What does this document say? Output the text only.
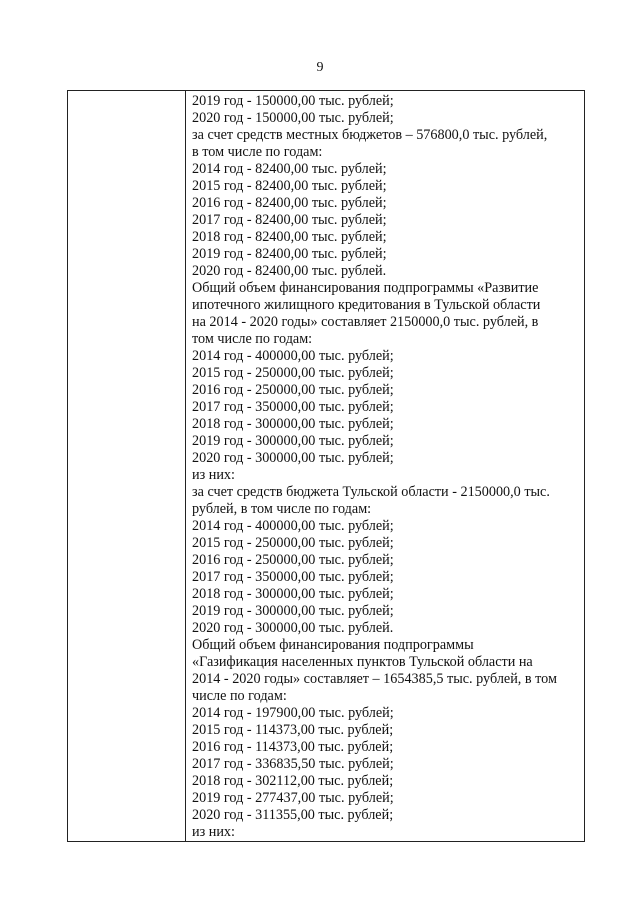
9
2019 год - 150000,00 тыс. рублей;
2020 год - 150000,00 тыс. рублей;
за счет средств местных бюджетов – 576800,0 тыс. рублей,
в том числе по годам:
2014 год - 82400,00 тыс. рублей;
2015 год - 82400,00 тыс. рублей;
2016 год - 82400,00 тыс. рублей;
2017 год - 82400,00 тыс. рублей;
2018 год - 82400,00 тыс. рублей;
2019 год - 82400,00 тыс. рублей;
2020 год - 82400,00 тыс. рублей.
Общий объем финансирования подпрограммы «Развитие
ипотечного жилищного кредитования в Тульской области
на 2014 - 2020 годы» составляет 2150000,0 тыс. рублей, в
том числе по годам:
2014 год - 400000,00 тыс. рублей;
2015 год - 250000,00 тыс. рублей;
2016 год - 250000,00 тыс. рублей;
2017 год - 350000,00 тыс. рублей;
2018 год - 300000,00 тыс. рублей;
2019 год - 300000,00 тыс. рублей;
2020 год - 300000,00 тыс. рублей;
из них:
за счет средств бюджета Тульской области - 2150000,0 тыс.
рублей, в том числе по годам:
2014 год - 400000,00 тыс. рублей;
2015 год - 250000,00 тыс. рублей;
2016 год - 250000,00 тыс. рублей;
2017 год - 350000,00 тыс. рублей;
2018 год - 300000,00 тыс. рублей;
2019 год - 300000,00 тыс. рублей;
2020 год - 300000,00 тыс. рублей.
Общий объем финансирования подпрограммы
«Газификация населенных пунктов Тульской области на
2014 - 2020 годы» составляет – 1654385,5 тыс. рублей, в том
числе по годам:
2014 год - 197900,00 тыс. рублей;
2015 год - 114373,00 тыс. рублей;
2016 год - 114373,00 тыс. рублей;
2017 год - 336835,50 тыс. рублей;
2018 год - 302112,00 тыс. рублей;
2019 год - 277437,00 тыс. рублей;
2020 год - 311355,00 тыс. рублей;
из них:
